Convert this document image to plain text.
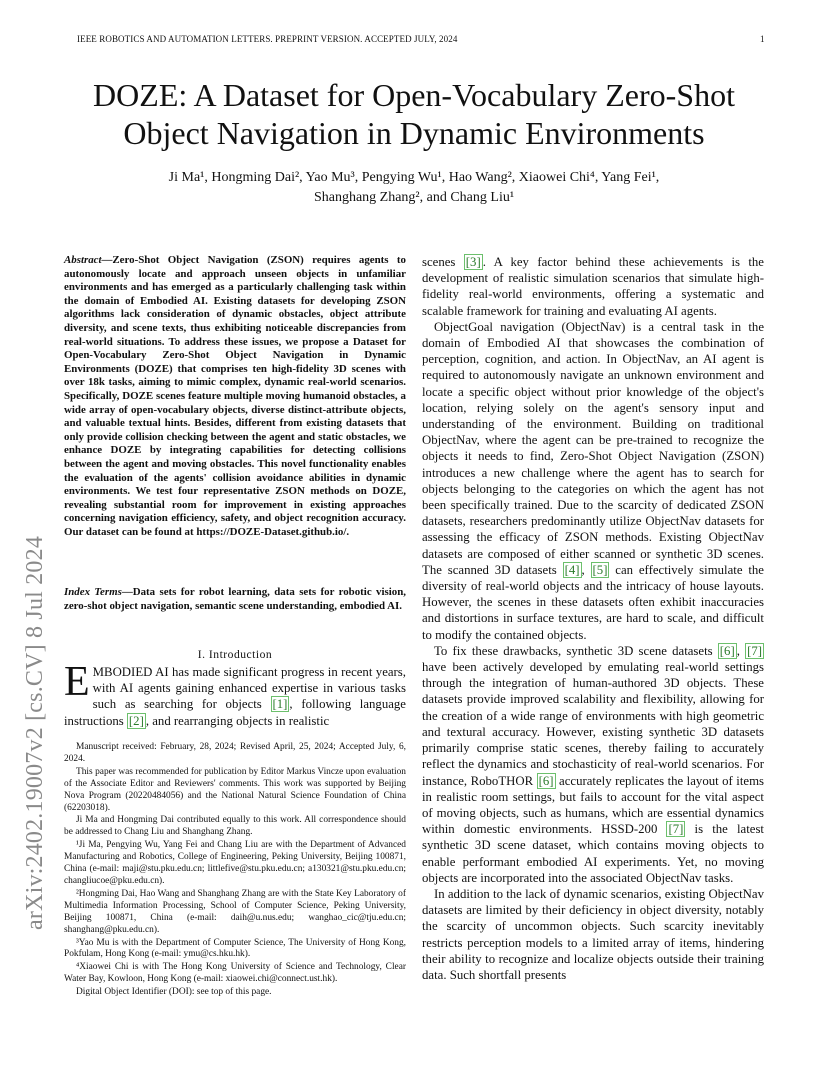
IEEE ROBOTICS AND AUTOMATION LETTERS. PREPRINT VERSION. ACCEPTED JULY, 2024	1
DOZE: A Dataset for Open-Vocabulary Zero-Shot Object Navigation in Dynamic Environments
Ji Ma¹, Hongming Dai², Yao Mu³, Pengying Wu¹, Hao Wang², Xiaowei Chi⁴, Yang Fei¹,
Shanghang Zhang², and Chang Liu¹
arXiv:2402.19007v2 [cs.CV] 8 Jul 2024
Abstract—Zero-Shot Object Navigation (ZSON) requires agents to autonomously locate and approach unseen objects in unfamiliar environments and has emerged as a particularly challenging task within the domain of Embodied AI. Existing datasets for developing ZSON algorithms lack consideration of dynamic obstacles, object attribute diversity, and scene texts, thus exhibiting noticeable discrepancies from real-world situations. To address these issues, we propose a Dataset for Open-Vocabulary Zero-Shot Object Navigation in Dynamic Environments (DOZE) that comprises ten high-fidelity 3D scenes with over 18k tasks, aiming to mimic complex, dynamic real-world scenarios. Specifically, DOZE scenes feature multiple moving humanoid obstacles, a wide array of open-vocabulary objects, diverse distinct-attribute objects, and valuable textual hints. Besides, different from existing datasets that only provide collision checking between the agent and static obstacles, we enhance DOZE by integrating capabilities for detecting collisions between the agent and moving obstacles. This novel functionality enables the evaluation of the agents' collision avoidance abilities in dynamic environments. We test four representative ZSON methods on DOZE, revealing substantial room for improvement in existing approaches concerning navigation efficiency, safety, and object recognition accuracy. Our dataset can be found at https://DOZE-Dataset.github.io/.
Index Terms—Data sets for robot learning, data sets for robotic vision, zero-shot object navigation, semantic scene understanding, embodied AI.
I. Introduction
EMBODIED AI has made significant progress in recent years, with AI agents gaining enhanced expertise in various tasks such as searching for objects [1] , following language instructions [2] , and rearranging objects in realistic

Manuscript received: February, 28, 2024; Revised April, 25, 2024; Accepted July, 6, 2024.

This paper was recommended for publication by Editor Markus Vincze upon evaluation of the Associate Editor and Reviewers' comments. This work was supported by Beijing Nova Program (20220484056) and the National Natural Science Foundation of China (62203018).

Ji Ma and Hongming Dai contributed equally to this work. All correspondence should be addressed to Chang Liu and Shanghang Zhang.

¹Ji Ma, Pengying Wu, Yang Fei and Chang Liu are with the Department of Advanced Manufacturing and Robotics, College of Engineering, Peking University, Beijing 100871, China (e-mail: maji@stu.pku.edu.cn; littlefive@stu.pku.edu.cn; a130321@stu.pku.edu.cn; changliucoe@pku.edu.cn).

²Hongming Dai, Hao Wang and Shanghang Zhang are with the State Key Laboratory of Multimedia Information Processing, School of Computer Science, Peking University, Beijing 100871, China (e-mail: daih@u.nus.edu; wanghao_cic@tju.edu.cn; shanghang@pku.edu.cn).

³Yao Mu is with the Department of Computer Science, The University of Hong Kong, Pokfulam, Hong Kong (e-mail: ymu@cs.hku.hk).

⁴Xiaowei Chi is with The Hong Kong University of Science and Technology, Clear Water Bay, Kowloon, Hong Kong (e-mail: xiaowei.chi@connect.ust.hk).

Digital Object Identifier (DOI): see top of this page.

scenes [3] . A key factor behind these achievements is the development of realistic simulation scenarios that simulate high-fidelity real-world environments, offering a systematic and scalable framework for training and evaluating AI agents.

ObjectGoal navigation (ObjectNav) is a central task in the domain of Embodied AI that showcases the combination of perception, cognition, and action. In ObjectNav, an AI agent is required to autonomously navigate an unknown environment and locate a specific object without prior knowledge of the object's location, relying solely on the agent's sensory input and understanding of the environment. Building on traditional ObjectNav, where the agent can be pre-trained to recognize the objects it needs to find, Zero-Shot Object Navigation (ZSON) introduces a new challenge where the agent has to search for objects belonging to the categories on which the agent has not been specifically trained. Due to the scarcity of dedicated ZSON datasets, researchers predominantly utilize ObjectNav datasets for assessing the efficacy of ZSON methods. Existing ObjectNav datasets are composed of either scanned or synthetic 3D scenes. The scanned 3D datasets [4] , [5] can effectively simulate the diversity of real-world objects and the intricacy of house layouts. However, the scenes in these datasets often exhibit inaccuracies and distortions in surface textures, are hard to scale, and difficult to modify the contained objects.

To fix these drawbacks, synthetic 3D scene datasets [6] , [7] have been actively developed by emulating real-world settings through the integration of human-authored 3D objects. These datasets provide improved scalability and flexibility, allowing for the creation of a wide range of environments with high geometric and textural accuracy. However, existing synthetic 3D datasets primarily comprise static scenes, thereby failing to accurately reflect the dynamics and stochasticity of real-world scenarios. For instance, RoboTHOR [6] accurately replicates the layout of items in realistic room settings, but fails to account for the vital aspect of moving objects, such as humans, which are essential dynamics within domestic environments. HSSD-200 [7] is the latest synthetic 3D scene dataset, which contains moving objects to enable performant embodied AI experiments. Yet, no moving objects are incorporated into the associated ObjectNav tasks.

In addition to the lack of dynamic scenarios, existing ObjectNav datasets are limited by their deficiency in object diversity, notably the scarcity of uncommon objects. Such scarcity inevitably restricts perception models to a limited array of items, hindering their ability to recognize and localize objects outside their training data. Such shortfall presents
